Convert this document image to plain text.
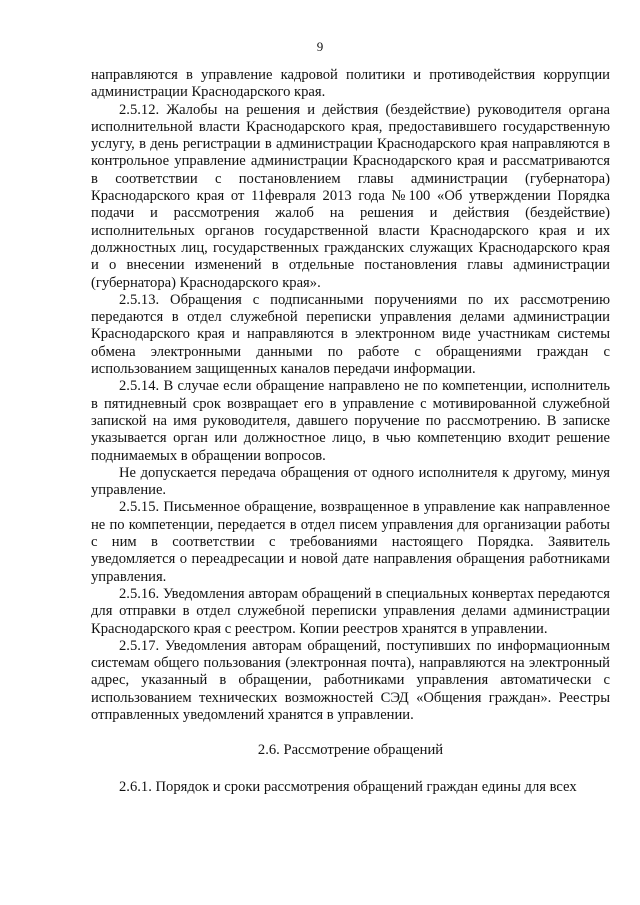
9

направляются в управление кадровой политики и противодействия коррупции администрации Краснодарского края.

2.5.12. Жалобы на решения и действия (бездействие) руководителя органа исполнительной власти Краснодарского края, предоставившего государственную услугу, в день регистрации в администрации Краснодарского края направляются в контрольное управление администрации Краснодарского края и рассматриваются в соответствии с постановлением главы администрации (губернатора) Краснодарского края от 11февраля 2013 года №100 «Об утверждении Порядка подачи и рассмотрения жалоб на решения и действия (бездействие) исполнительных органов государственной власти Краснодарского края и их должностных лиц, государственных гражданских служащих Краснодарского края и о внесении изменений в отдельные постановления главы администрации (губернатора) Краснодарского края».

2.5.13. Обращения с подписанными поручениями по их рассмотрению передаются в отдел служебной переписки управления делами администрации Краснодарского края и направляются в электронном виде участникам системы обмена электронными данными по работе с обращениями граждан с использованием защищенных каналов передачи информации.

2.5.14. В случае если обращение направлено не по компетенции, исполнитель в пятидневный срок возвращает его в управление с мотивированной служебной запиской на имя руководителя, давшего поручение по рассмотрению. В записке указывается орган или должностное лицо, в чью компетенцию входит решение поднимаемых в обращении вопросов.

Не допускается передача обращения от одного исполнителя к другому, минуя управление.

2.5.15. Письменное обращение, возвращенное в управление как направленное не по компетенции, передается в отдел писем управления для организации работы с ним в соответствии с требованиями настоящего Порядка. Заявитель уведомляется о переадресации и новой дате направления обращения работниками управления.

2.5.16. Уведомления авторам обращений в специальных конвертах передаются для отправки в отдел служебной переписки управления делами администрации Краснодарского края с реестром. Копии реестров хранятся в управлении.

2.5.17. Уведомления авторам обращений, поступивших по информационным системам общего пользования (электронная почта), направляются на электронный адрес, указанный в обращении, работниками управления автоматически с использованием технических возможностей СЭД «Общения граждан». Реестры отправленных уведомлений хранятся в управлении.

2.6. Рассмотрение обращений

2.6.1. Порядок и сроки рассмотрения обращений граждан едины для всех
